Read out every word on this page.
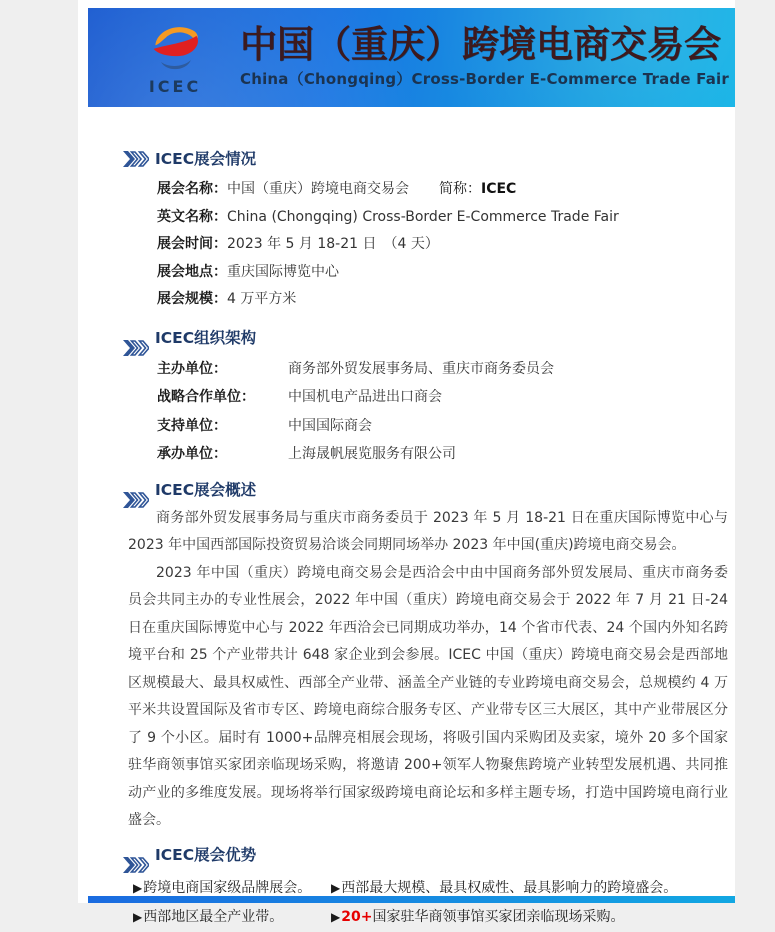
ICEC
中国（重庆）跨境电商交易会
China（Chongqing）Cross-Border E-Commerce Trade Fair
ICEC展会情况
展会名称：中国（重庆）跨境电商交易会 简称：ICEC
英文名称：China (Chongqing) Cross-Border E-Commerce Trade Fair
展会时间：2023 年 5 月 18-21 日　（4 天）
展会地点：重庆国际博览中心
展会规模：4 万平方米
ICEC组织架构
主办单位：	商务部外贸发展事务局、重庆市商务委员会
战略合作单位： 中国机电产品进出口商会
支持单位：	中国国际商会
承办单位：	上海晟帆展览服务有限公司
ICEC展会概述

商务部外贸发展事务局与重庆市商务委员于 2023 年 5 月 18-21 日在重庆国际博览中心与 2023 年中国西部国际投资贸易洽谈会同期同场举办 2023 年中国(重庆)跨境电商交易会。

2023 年中国（重庆）跨境电商交易会是西洽会中由中国商务部外贸发展局、重庆市商务委员会共同主办的专业性展会，2022 年中国（重庆）跨境电商交易会于 2022 年 7 月 21 日-24 日在重庆国际博览中心与 2022 年西洽会已同期成功举办，14 个省市代表、24 个国内外知名跨境平台和 25 个产业带共计 648 家企业到会参展。ICEC 中国（重庆）跨境电商交易会是西部地区规模最大、最具权威性、西部全产业带、涵盖全产业链的专业跨境电商交易会，总规模约 4 万平米共设置国际及省市专区、跨境电商综合服务专区、产业带专区三大展区，其中产业带展区分了 9 个小区。届时有 1000+品牌亮相展会现场，将吸引国内采购团及卖家，境外 20 多个国家驻华商领事馆买家团亲临现场采购，将邀请 200+领军人物聚焦跨境产业转型发展机遇、共同推动产业的多维度发展。现场将举行国家级跨境电商论坛和多样主题专场，打造中国跨境电商行业盛会。

ICEC展会优势
▶跨境电商国家级品牌展会。	▶西部最大规模、最具权威性、最具影响力的跨境盛会。
▶西部地区最全产业带。	▶20+国家驻华商领事馆买家团亲临现场采购。
